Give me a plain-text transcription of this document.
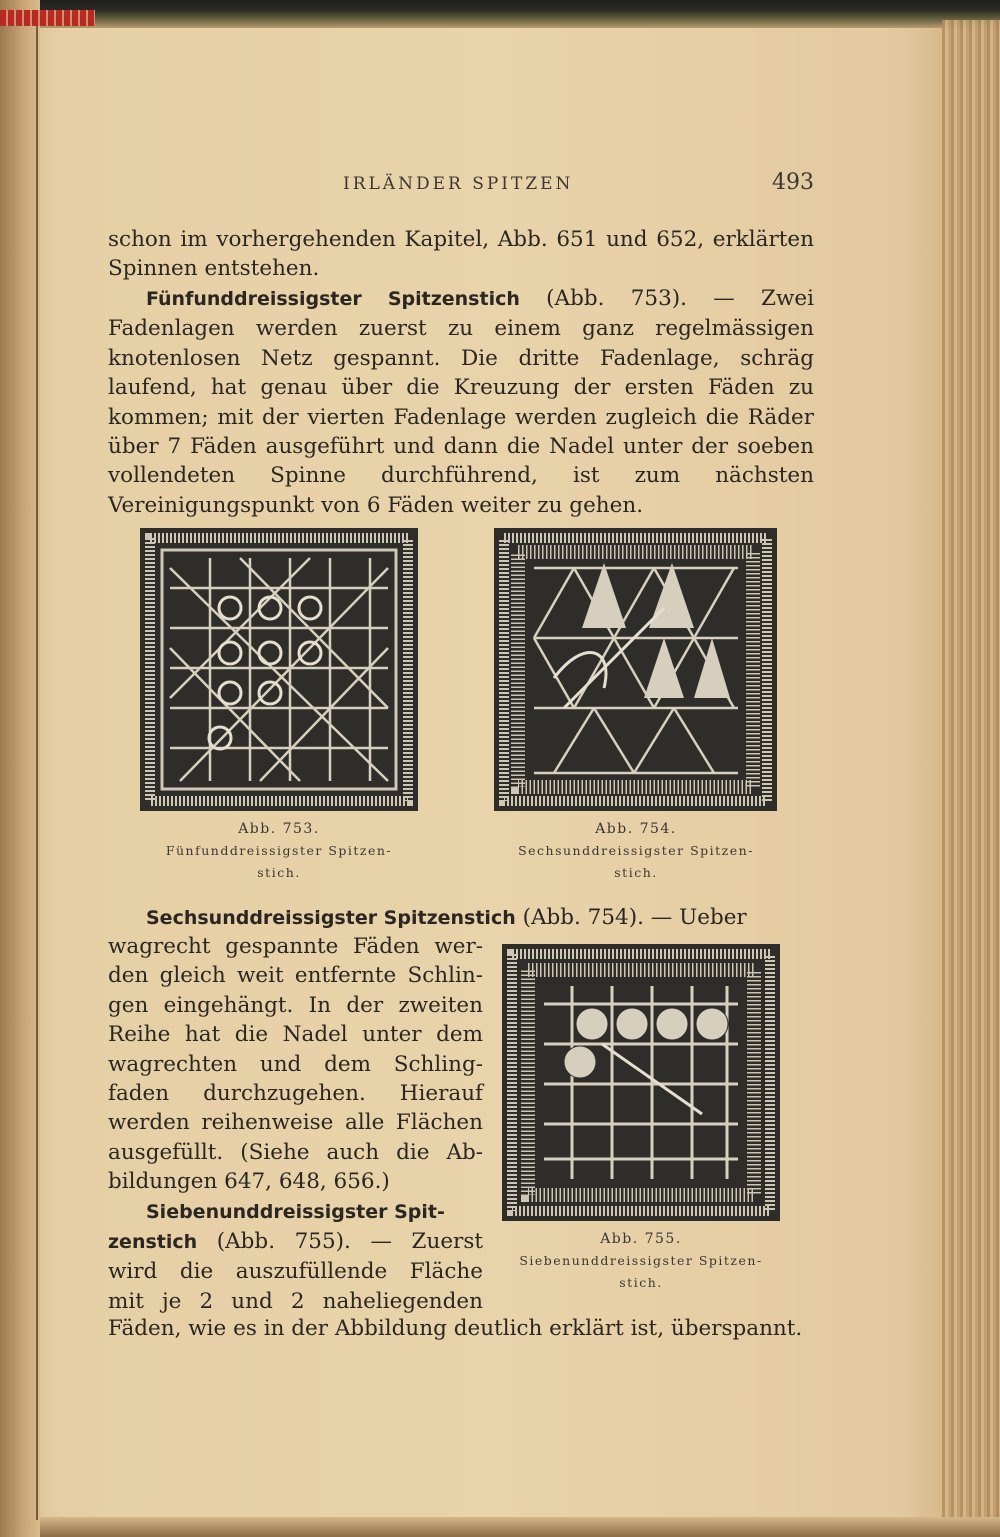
IRLÄNDER SPITZEN	493
schon im vorhergehenden Kapitel, Abb. 651 und 652, erklärten Spinnen entstehen.
Fünfunddreissigster Spitzenstich (Abb. 753). — Zwei Fadenlagen werden zuerst zu einem ganz regelmässigen knotenlosen Netz gespannt. Die dritte Fadenlage, schräg laufend, hat genau über die Kreuzung der ersten Fäden zu kommen; mit der vierten Fadenlage werden zugleich die Räder über 7 Fäden ausgeführt und dann die Nadel unter der soeben vollendeten Spinne durchführend, ist zum nächsten Vereinigungspunkt von 6 Fäden weiter zu gehen.
Abb. 753.
Fünfunddreissigster Spitzen-
stich.
Abb. 754.
Sechsunddreissigster Spitzen-
stich.
Sechsunddreissigster Spitzenstich (Abb. 754). — Ueber
wagrecht gespannte Fäden wer-
den gleich weit entfernte Schlin-
gen eingehängt. In der zweiten
Reihe hat die Nadel unter dem
wagrechten und dem Schling-
faden durchzugehen. Hierauf
werden reihenweise alle Flächen
ausgefüllt. (Siehe auch die Ab-
bildungen 647, 648, 656.)
Siebenunddreissigster Spit-
zenstich (Abb. 755). — Zuerst
wird die auszufüllende Fläche
mit je 2 und 2 naheliegenden
Abb. 755.
Siebenunddreissigster Spitzen-
stich.
Fäden, wie es in der Abbildung deutlich erklärt ist, überspannt.
